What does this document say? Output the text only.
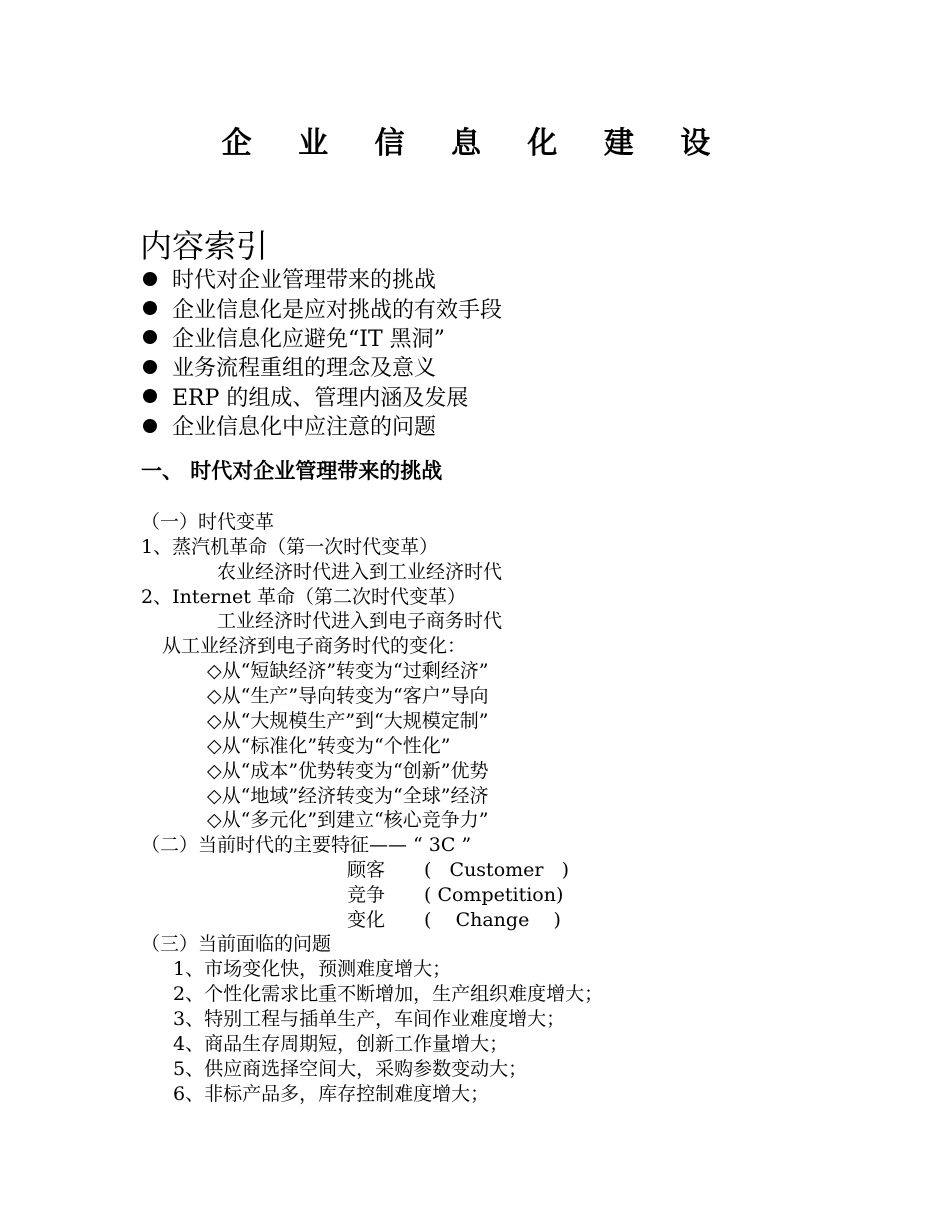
企 业 信 息 化 建 设
内容索引
时代对企业管理带来的挑战
企业信息化是应对挑战的有效手段
企业信息化应避免“IT 黑洞”
业务流程重组的理念及意义
ERP 的组成、管理内涵及发展
企业信息化中应注意的问题
一、 时代对企业管理带来的挑战
（一）时代变革
1、蒸汽机革命（第一次时代变革）
农业经济时代进入到工业经济时代
2、Internet 革命（第二次时代变革）
工业经济时代进入到电子商务时代
从工业经济到电子商务时代的变化：
◇从“短缺经济”转变为“过剩经济”
◇从“生产”导向转变为“客户”导向
◇从“大规模生产”到“大规模定制”
◇从“标准化”转变为“个性化”
◇从“成本”优势转变为“创新”优势
◇从“地域”经济转变为“全球”经济
◇从“多元化”到建立“核心竞争力”
（二）当前时代的主要特征—— “ 3C ”
顾客 (   Customer   )
竞争 ( Competition)
变化 (    Change    )
（三）当前面临的问题
1、市场变化快，预测难度增大；
2、个性化需求比重不断增加，生产组织难度增大；
3、特别工程与插单生产，车间作业难度增大；
4、商品生存周期短，创新工作量增大；
5、供应商选择空间大，采购参数变动大；
6、非标产品多，库存控制难度增大；
